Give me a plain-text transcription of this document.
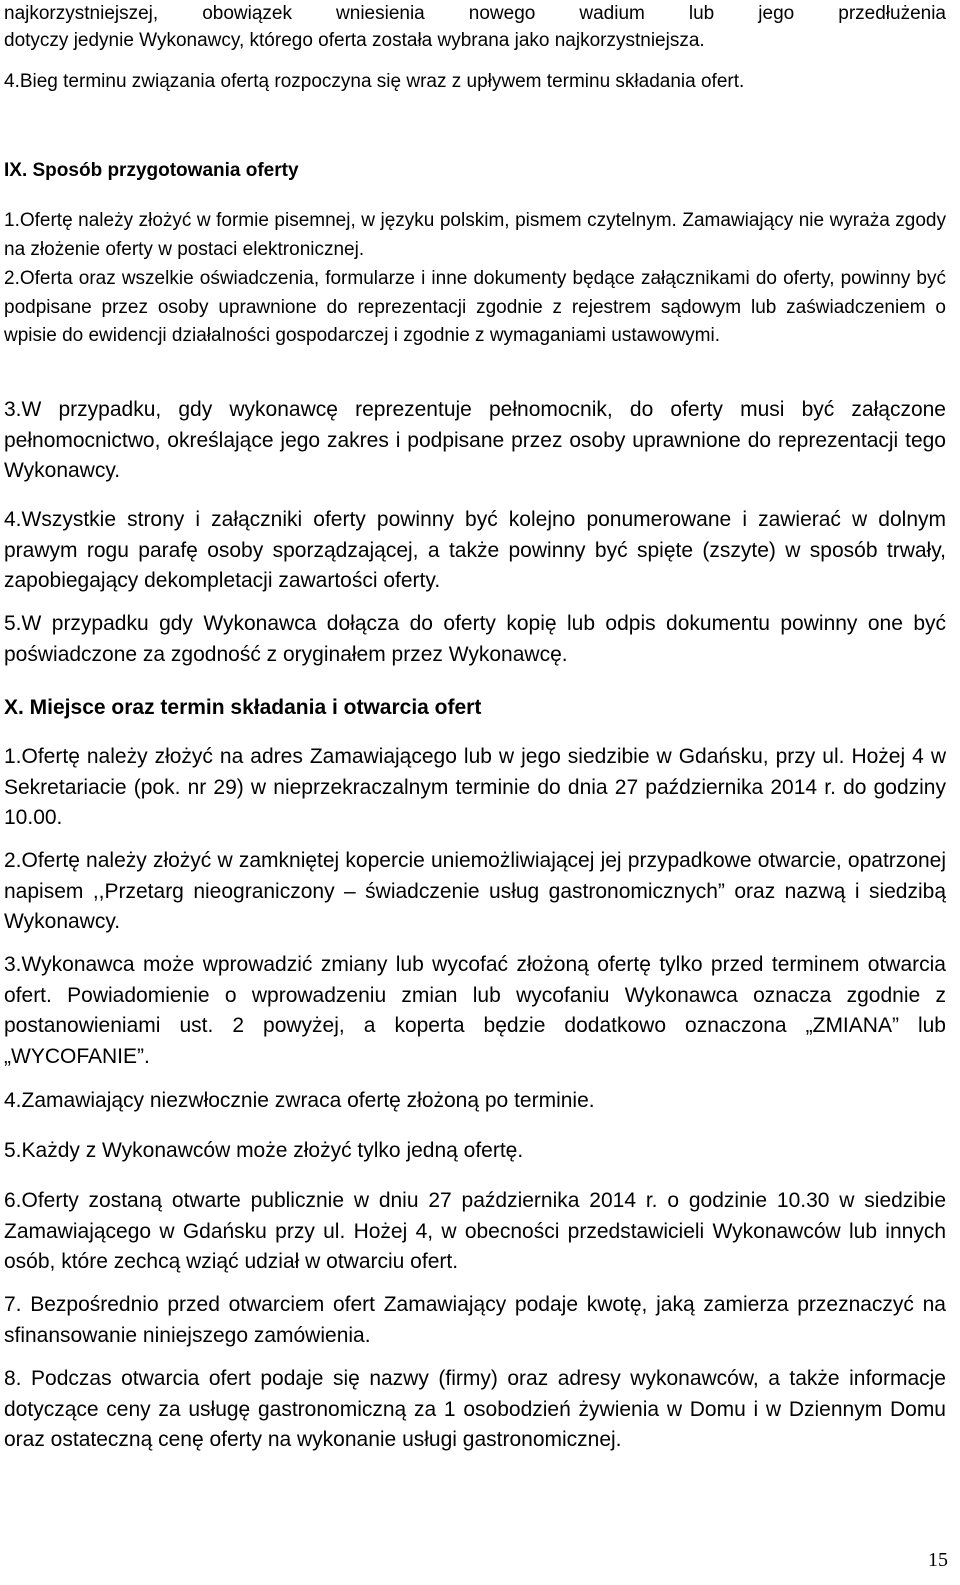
najkorzystniejszej, obowiązek wniesienia nowego wadium lub jego przedłużenia

dotyczy jedynie Wykonawcy, którego oferta została wybrana jako najkorzystniejsza.

4.Bieg terminu związania ofertą rozpoczyna się wraz z upływem terminu składania ofert.

IX. Sposób przygotowania oferty

1.Ofertę należy złożyć w formie pisemnej, w języku polskim, pismem czytelnym. Zamawiający nie wyraża zgody na złożenie oferty w postaci elektronicznej.

2.Oferta oraz wszelkie oświadczenia, formularze i inne dokumenty będące załącznikami do oferty, powinny być podpisane przez osoby uprawnione do reprezentacji zgodnie z rejestrem sądowym lub zaświadczeniem o wpisie do ewidencji działalności gospodarczej i zgodnie z wymaganiami ustawowymi.

3.W przypadku, gdy wykonawcę reprezentuje pełnomocnik, do oferty musi być załączone pełnomocnictwo, określające jego zakres i podpisane przez osoby uprawnione do reprezentacji tego Wykonawcy.

4.Wszystkie strony i załączniki oferty powinny być kolejno ponumerowane i zawierać w dolnym prawym rogu parafę osoby sporządzającej, a także powinny być spięte (zszyte) w sposób trwały, zapobiegający dekompletacji zawartości oferty.

5.W przypadku gdy Wykonawca dołącza do oferty kopię lub odpis dokumentu powinny one być poświadczone za zgodność z oryginałem przez Wykonawcę.

X. Miejsce oraz termin składania i otwarcia ofert

1.Ofertę należy złożyć na adres Zamawiającego lub w jego siedzibie w Gdańsku, przy ul. Hożej 4 w Sekretariacie (pok. nr 29) w nieprzekraczalnym terminie do dnia 27 października 2014 r. do godziny 10.00.

2.Ofertę należy złożyć w zamkniętej kopercie uniemożliwiającej jej przypadkowe otwarcie, opatrzonej napisem ,,Przetarg nieograniczony – świadczenie usług gastronomicznych” oraz nazwą i siedzibą Wykonawcy.

3.Wykonawca może wprowadzić zmiany lub wycofać złożoną ofertę tylko przed terminem otwarcia ofert. Powiadomienie o wprowadzeniu zmian lub wycofaniu Wykonawca oznacza zgodnie z postanowieniami ust. 2 powyżej, a koperta będzie dodatkowo oznaczona „ZMIANA” lub „WYCOFANIE”.

4.Zamawiający niezwłocznie zwraca ofertę złożoną po terminie.

5.Każdy z Wykonawców może złożyć tylko jedną ofertę.

6.Oferty zostaną otwarte publicznie w dniu 27 października 2014 r. o godzinie 10.30 w siedzibie Zamawiającego w Gdańsku przy ul. Hożej 4, w obecności przedstawicieli Wykonawców lub innych osób, które zechcą wziąć udział w otwarciu ofert.

7. Bezpośrednio przed otwarciem ofert Zamawiający podaje kwotę, jaką zamierza przeznaczyć na sfinansowanie niniejszego zamówienia.

8. Podczas otwarcia ofert podaje się nazwy (firmy) oraz adresy wykonawców, a także informacje dotyczące ceny za usługę gastronomiczną za 1 osobodzień żywienia w Domu i w Dziennym Domu oraz ostateczną cenę oferty na wykonanie usługi gastronomicznej.

15
